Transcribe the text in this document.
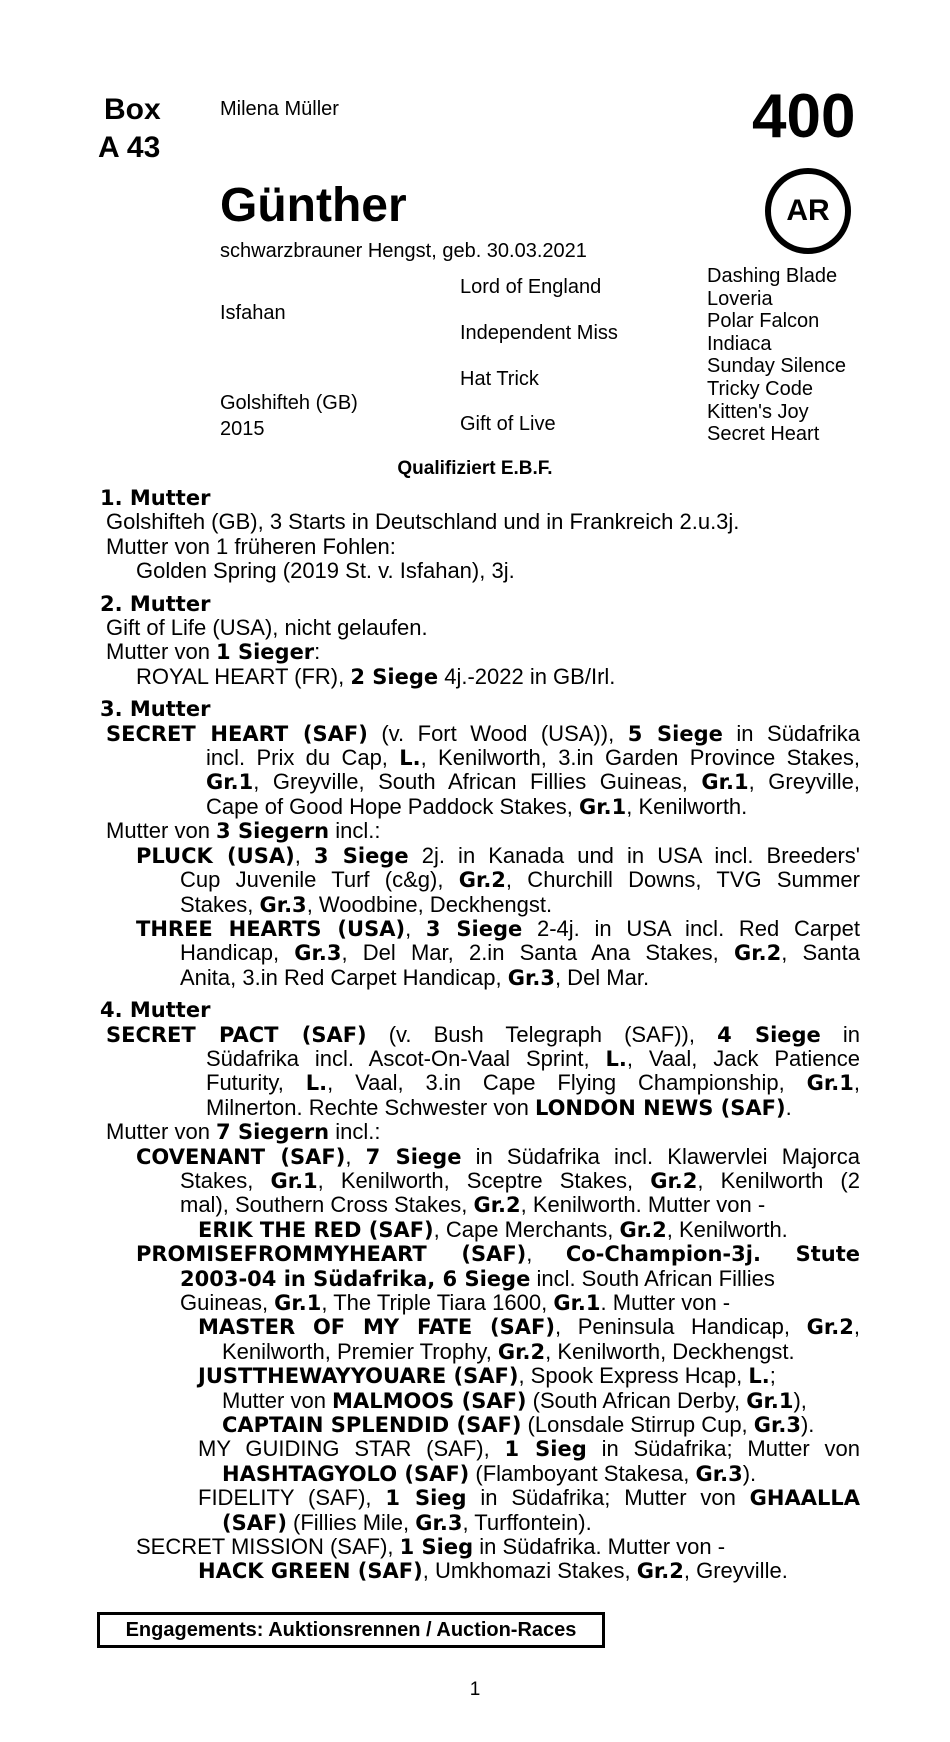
Box
A 43
Milena Müller	400
AR
Günther
schwarzbrauner Hengst, geb. 30.03.2021
Isfahan
Golshifteh (GB)
2015
Lord of England
Independent Miss
Hat Trick
Gift of Live
Dashing Blade
Loveria
Polar Falcon
Indiaca
Sunday Silence
Tricky Code
Kitten's Joy
Secret Heart
Qualifiziert E.B.F.
1. Mutter
Golshifteh (GB), 3 Starts in Deutschland und in Frankreich 2.u.3j.
Mutter von 1 früheren Fohlen:
Golden Spring (2019 St. v. Isfahan), 3j.
2. Mutter
Gift of Life (USA), nicht gelaufen.
Mutter von 1 Sieger:
ROYAL HEART (FR), 2 Siege 4j.-2022 in GB/Irl.
3. Mutter
SECRET HEART (SAF) (v. Fort Wood (USA)), 5 Siege in Südafrika
incl. Prix du Cap, L., Kenilworth, 3.in Garden Province Stakes,
Gr.1, Greyville, South African Fillies Guineas, Gr.1, Greyville,
Cape of Good Hope Paddock Stakes, Gr.1, Kenilworth.
Mutter von 3 Siegern incl.:
PLUCK (USA), 3 Siege 2j. in Kanada und in USA incl. Breeders'
Cup Juvenile Turf (c&g), Gr.2, Churchill Downs, TVG Summer
Stakes, Gr.3, Woodbine, Deckhengst.
THREE HEARTS (USA), 3 Siege 2-4j. in USA incl. Red Carpet
Handicap, Gr.3, Del Mar, 2.in Santa Ana Stakes, Gr.2, Santa
Anita, 3.in Red Carpet Handicap, Gr.3, Del Mar.
4. Mutter
SECRET PACT (SAF) (v. Bush Telegraph (SAF)), 4 Siege in
Südafrika incl. Ascot-On-Vaal Sprint, L., Vaal, Jack Patience
Futurity, L., Vaal, 3.in Cape Flying Championship, Gr.1,
Milnerton. Rechte Schwester von LONDON NEWS (SAF).
Mutter von 7 Siegern incl.:
COVENANT (SAF), 7 Siege in Südafrika incl. Klawervlei Majorca
Stakes, Gr.1, Kenilworth, Sceptre Stakes, Gr.2, Kenilworth (2
mal), Southern Cross Stakes, Gr.2, Kenilworth. Mutter von -
ERIK THE RED (SAF), Cape Merchants, Gr.2, Kenilworth.
PROMISEFROMMYHEART (SAF), Co-Champion-3j. Stute
2003-04 in Südafrika, 6 Siege incl. South African Fillies
Guineas, Gr.1, The Triple Tiara 1600, Gr.1. Mutter von -
MASTER OF MY FATE (SAF), Peninsula Handicap, Gr.2,
Kenilworth, Premier Trophy, Gr.2, Kenilworth, Deckhengst.
JUSTTHEWAYYOUARE (SAF), Spook Express Hcap, L.;
Mutter von MALMOOS (SAF) (South African Derby, Gr.1),
CAPTAIN SPLENDID (SAF) (Lonsdale Stirrup Cup, Gr.3).
MY GUIDING STAR (SAF), 1 Sieg in Südafrika; Mutter von
HASHTAGYOLO (SAF) (Flamboyant Stakesa, Gr.3).
FIDELITY (SAF), 1 Sieg in Südafrika; Mutter von GHAALLA
(SAF) (Fillies Mile, Gr.3, Turffontein).
SECRET MISSION (SAF), 1 Sieg in Südafrika. Mutter von -
HACK GREEN (SAF), Umkhomazi Stakes, Gr.2, Greyville.
Engagements: Auktionsrennen / Auction-Races
1
